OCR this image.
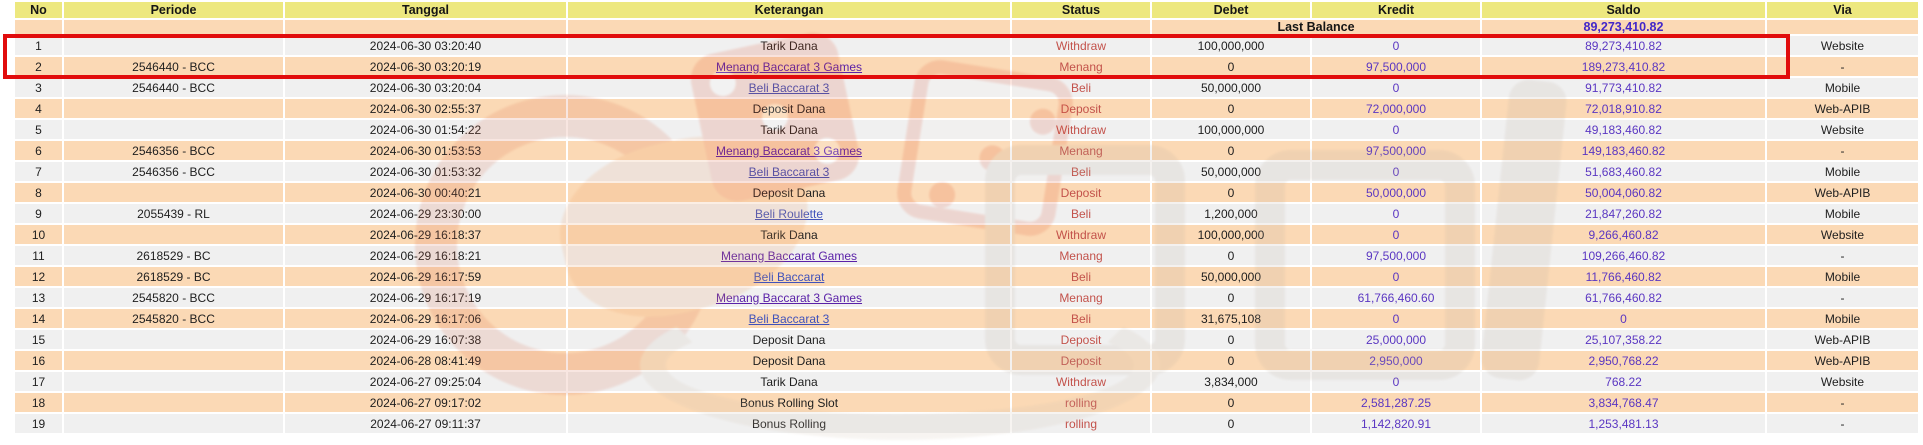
No	Periode	Tanggal	Keterangan	Status	Debet	Kredit	Saldo	Via
					Last Balance		89,273,410.82	
1		2024-06-30 03:20:40	Tarik Dana	Withdraw	100,000,000	0	89,273,410.82	Website
2	2546440 - BCC	2024-06-30 03:20:19	Menang Baccarat 3 Games	Menang	0	97,500,000	189,273,410.82	-
3	2546440 - BCC	2024-06-30 03:20:04	Beli Baccarat 3	Beli	50,000,000	0	91,773,410.82	Mobile
4		2024-06-30 02:55:37	Deposit Dana	Deposit	0	72,000,000	72,018,910.82	Web-APIB
5		2024-06-30 01:54:22	Tarik Dana	Withdraw	100,000,000	0	49,183,460.82	Website
6	2546356 - BCC	2024-06-30 01:53:53	Menang Baccarat 3 Games	Menang	0	97,500,000	149,183,460.82	-
7	2546356 - BCC	2024-06-30 01:53:32	Beli Baccarat 3	Beli	50,000,000	0	51,683,460.82	Mobile
8		2024-06-30 00:40:21	Deposit Dana	Deposit	0	50,000,000	50,004,060.82	Web-APIB
9	2055439 - RL	2024-06-29 23:30:00	Beli Roulette	Beli	1,200,000	0	21,847,260.82	Mobile
10		2024-06-29 16:18:37	Tarik Dana	Withdraw	100,000,000	0	9,266,460.82	Website
11	2618529 - BC	2024-06-29 16:18:21	Menang Baccarat Games	Menang	0	97,500,000	109,266,460.82	-
12	2618529 - BC	2024-06-29 16:17:59	Beli Baccarat	Beli	50,000,000	0	11,766,460.82	Mobile
13	2545820 - BCC	2024-06-29 16:17:19	Menang Baccarat 3 Games	Menang	0	61,766,460.60	61,766,460.82	-
14	2545820 - BCC	2024-06-29 16:17:06	Beli Baccarat 3	Beli	31,675,108	0	0	Mobile
15		2024-06-29 16:07:38	Deposit Dana	Deposit	0	25,000,000	25,107,358.22	Web-APIB
16		2024-06-28 08:41:49	Deposit Dana	Deposit	0	2,950,000	2,950,768.22	Web-APIB
17		2024-06-27 09:25:04	Tarik Dana	Withdraw	3,834,000	0	768.22	Website
18		2024-06-27 09:17:02	Bonus Rolling Slot	rolling	0	2,581,287.25	3,834,768.47	-
19		2024-06-27 09:11:37	Bonus Rolling	rolling	0	1,142,820.91	1,253,481.13	-
